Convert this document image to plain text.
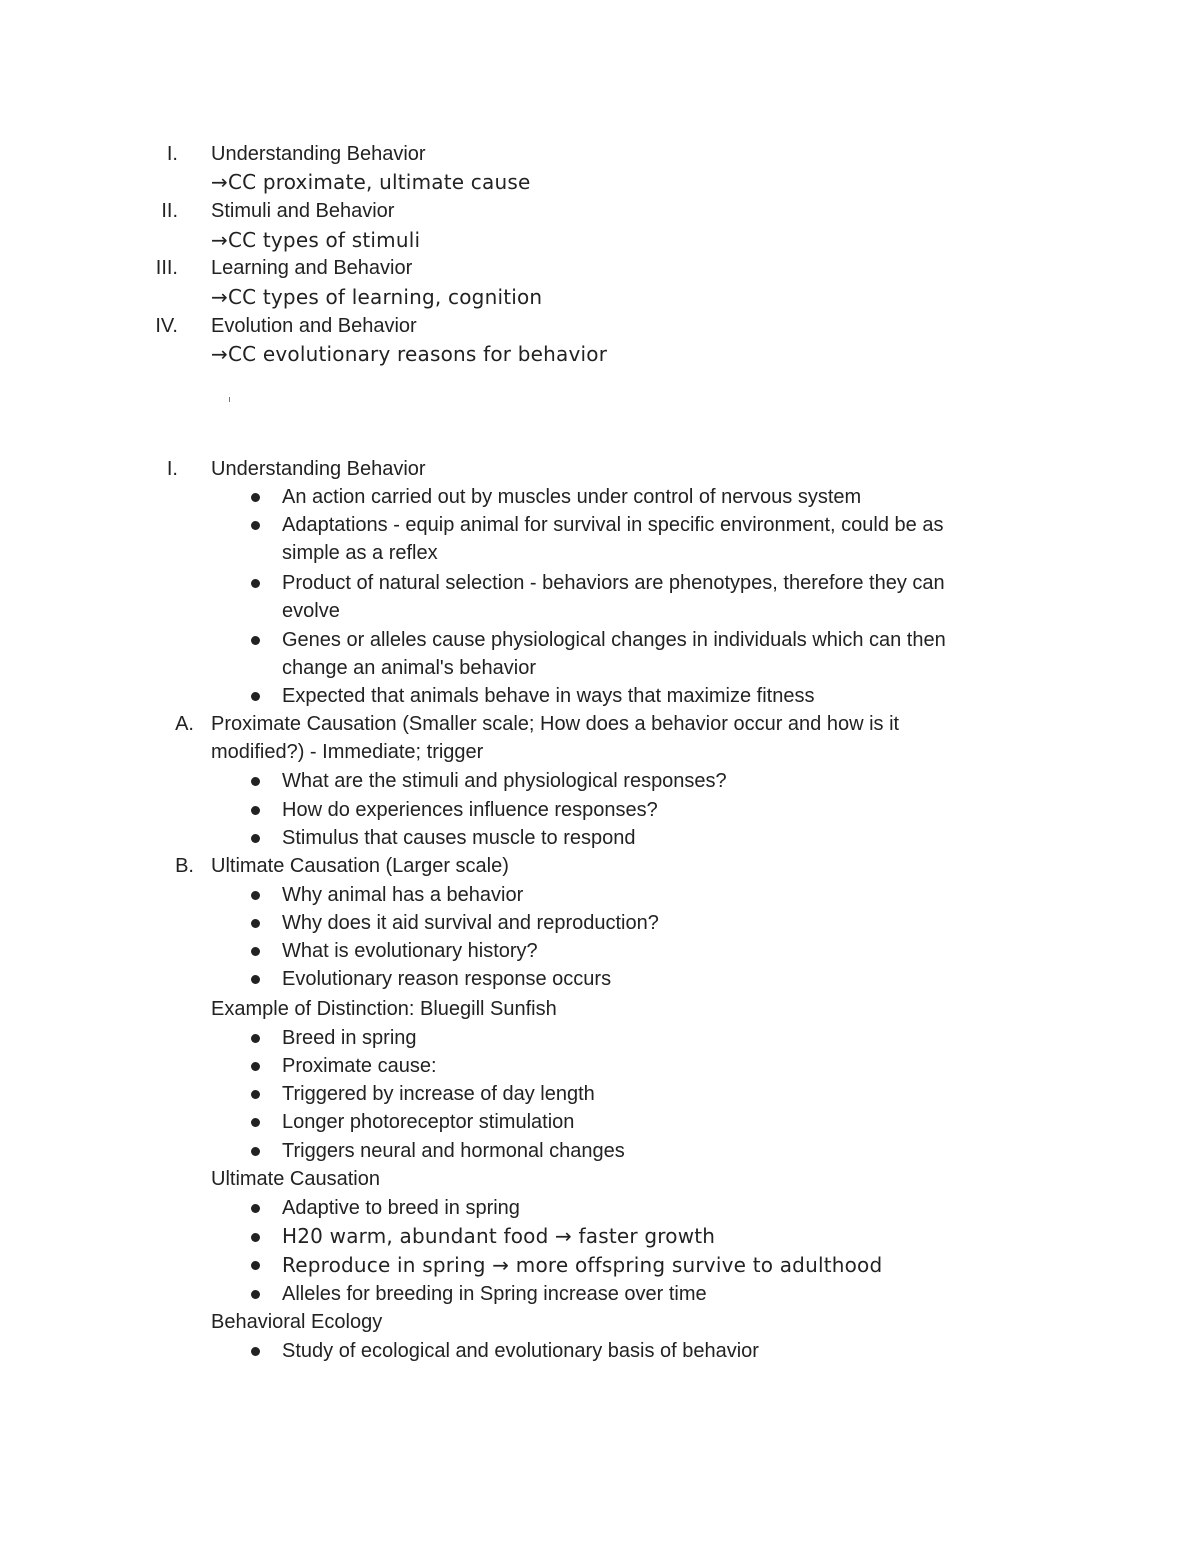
I. Understanding Behavior
→CC proximate, ultimate cause
II. Stimuli and Behavior
→CC types of stimuli
III. Learning and Behavior
→CC types of learning, cognition
IV. Evolution and Behavior
→CC evolutionary reasons for behavior
I. Understanding Behavior
An action carried out by muscles under control of nervous system
Adaptations - equip animal for survival in specific environment, could be as
simple as a reflex
Product of natural selection - behaviors are phenotypes, therefore they can
evolve
Genes or alleles cause physiological changes in individuals which can then
change an animal's behavior
Expected that animals behave in ways that maximize fitness
A. Proximate Causation (Smaller scale; How does a behavior occur and how is it
modified?) - Immediate; trigger
What are the stimuli and physiological responses?
How do experiences influence responses?
Stimulus that causes muscle to respond
B. Ultimate Causation (Larger scale)
Why animal has a behavior
Why does it aid survival and reproduction?
What is evolutionary history?
Evolutionary reason response occurs
Example of Distinction: Bluegill Sunfish
Breed in spring
Proximate cause:
Triggered by increase of day length
Longer photoreceptor stimulation
Triggers neural and hormonal changes
Ultimate Causation
Adaptive to breed in spring
H20 warm, abundant food → faster growth
Reproduce in spring → more offspring survive to adulthood
Alleles for breeding in Spring increase over time
Behavioral Ecology
Study of ecological and evolutionary basis of behavior
